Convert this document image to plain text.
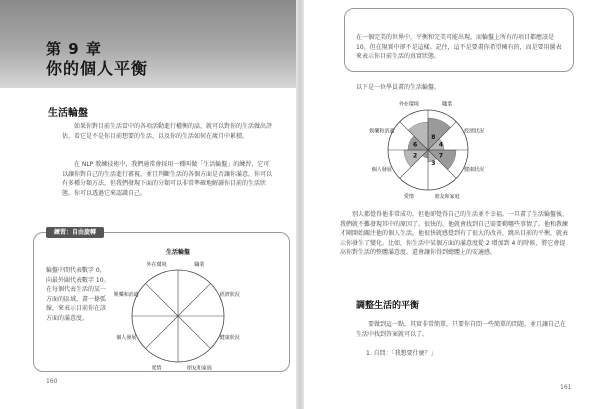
第 9 章
你的個人平衡
生活輪盤
如果你對目前生活當中的各項活動進行權衡的話，就可以對你的生活做出評估，看它是不是你目前想要的生活，以及你的生活如何在歲月中累積。
在 NLP 教練技術中，我們通常會採用一種叫做「生活輪盤」的練習，它可以讓你對自己的生活進行審視，並且判斷生活的各個方面是否讓你滿意，你可以有多種分類方法，但我們發現下面的分類可以非常準確地解讀你目前的生活狀態。你可以透過它來認識自己。
練習：自由旋轉
輪盤中間代表數字 0，向最外圍代表數字 10。在每個代表生活的某一方面的區域，畫一條弧線，來表示目前你在該方面的滿意度。
生活輪盤
職業
經濟狀況
健康狀況
朋友和家庭
愛情
個人發展
娛樂和消遣
外在環境
160
在一個完美的世界中，平衡和完美可能出現，而輪盤上所有的項目都應該是 10。但在現實中卻不是這樣。記住，這不是要畫你希望擁有的，而是要用圖表來表示你目前生活的真實狀態。
以下是一位學員畫的生活輪盤。
職業
經濟狀況
健康狀況
朋友和家庭
愛情
個人發展
娛樂和消遣
外在環境
8
4
7
3
2
6
別人都覺得他非常成功，但他卻覺得自己的生活並不幸福。一旦畫了生活輪盤後，我們就不難發現其中的原因了。很快的，他就會找到自己需要勤哪些事情了。他和教練才剛開始關注他的個人生活，他很快就感覺到有了很大的改善，跳出目前的平衡，就表示你發生了變化。比如，你生活中某個方面的滿意度從 2 增加到 4 的時候，將它會提高你對生活的整體滿意度，還會讓你得到總體上的安適感。
調整生活的平衡
要做到這一點，其實非常簡單，只要你自問一些簡單的問題，並且讓自己在生活中找到答案就可以了。
1. 自問：「我想要什麼？」
161
